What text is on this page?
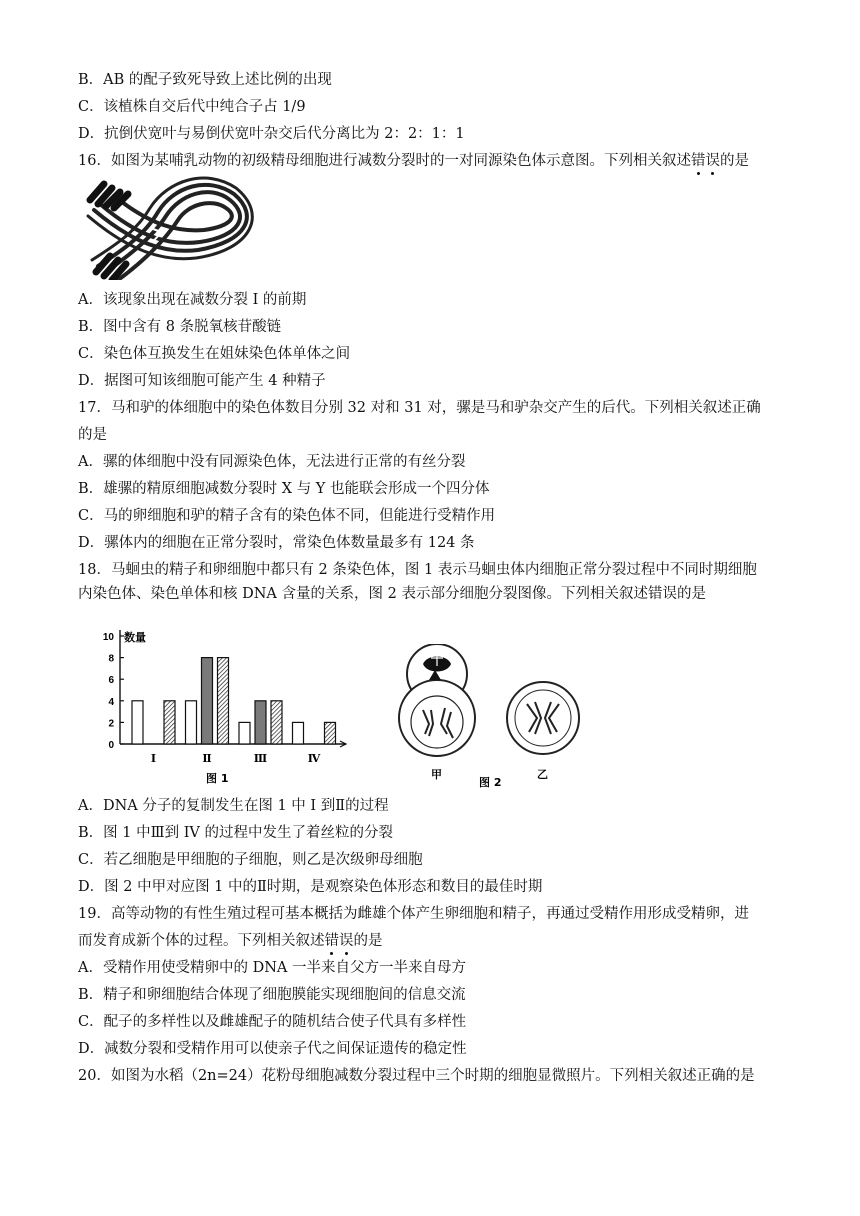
B．AB 的配子致死导致上述比例的出现
C．该植株自交后代中纯合子占 1/9
D．抗倒伏宽叶与易倒伏宽叶杂交后代分离比为 2：2：1：1
16．如图为某哺乳动物的初级精母细胞进行减数分裂时的一对同源染色体示意图。下列相关叙述错误的是
A．该现象出现在减数分裂 I 的前期
B．图中含有 8 条脱氧核苷酸链
C．染色体互换发生在姐妹染色体单体之间
D．据图可知该细胞可能产生 4 种精子
17．马和驴的体细胞中的染色体数目分别 32 对和 31 对，骡是马和驴杂交产生的后代。下列相关叙述正确
的是
A．骡的体细胞中没有同源染色体，无法进行正常的有丝分裂
B．雄骡的精原细胞减数分裂时 X 与 Y 也能联会形成一个四分体
C．马的卵细胞和驴的精子含有的染色体不同，但能进行受精作用
D．骡体内的细胞在正常分裂时，常染色体数量最多有 124 条
18．马蛔虫的精子和卵细胞中都只有 2 条染色体，图 1 表示马蛔虫体内细胞正常分裂过程中不同时期细胞
内染色体、染色单体和核 DNA 含量的关系，图 2 表示部分细胞分裂图像。下列相关叙述错误的是
0
2
4
6
8
10
Ⅰ	Ⅱ	Ⅲ	Ⅳ
数量
图 1	甲	乙
图 2
A．DNA 分子的复制发生在图 1 中 I 到Ⅱ的过程
B．图 1 中Ⅲ到 IV 的过程中发生了着丝粒的分裂
C．若乙细胞是甲细胞的子细胞，则乙是次级卵母细胞
D．图 2 中甲对应图 1 中的Ⅱ时期，是观察染色体形态和数目的最佳时期
19．高等动物的有性生殖过程可基本概括为雌雄个体产生卵细胞和精子，再通过受精作用形成受精卵，进
而发育成新个体的过程。下列相关叙述错误的是
A．受精作用使受精卵中的 DNA 一半来自父方一半来自母方
B．精子和卵细胞结合体现了细胞膜能实现细胞间的信息交流
C．配子的多样性以及雌雄配子的随机结合使子代具有多样性
D．减数分裂和受精作用可以使亲子代之间保证遗传的稳定性
20．如图为水稻（2n=24）花粉母细胞减数分裂过程中三个时期的细胞显微照片。下列相关叙述正确的是
